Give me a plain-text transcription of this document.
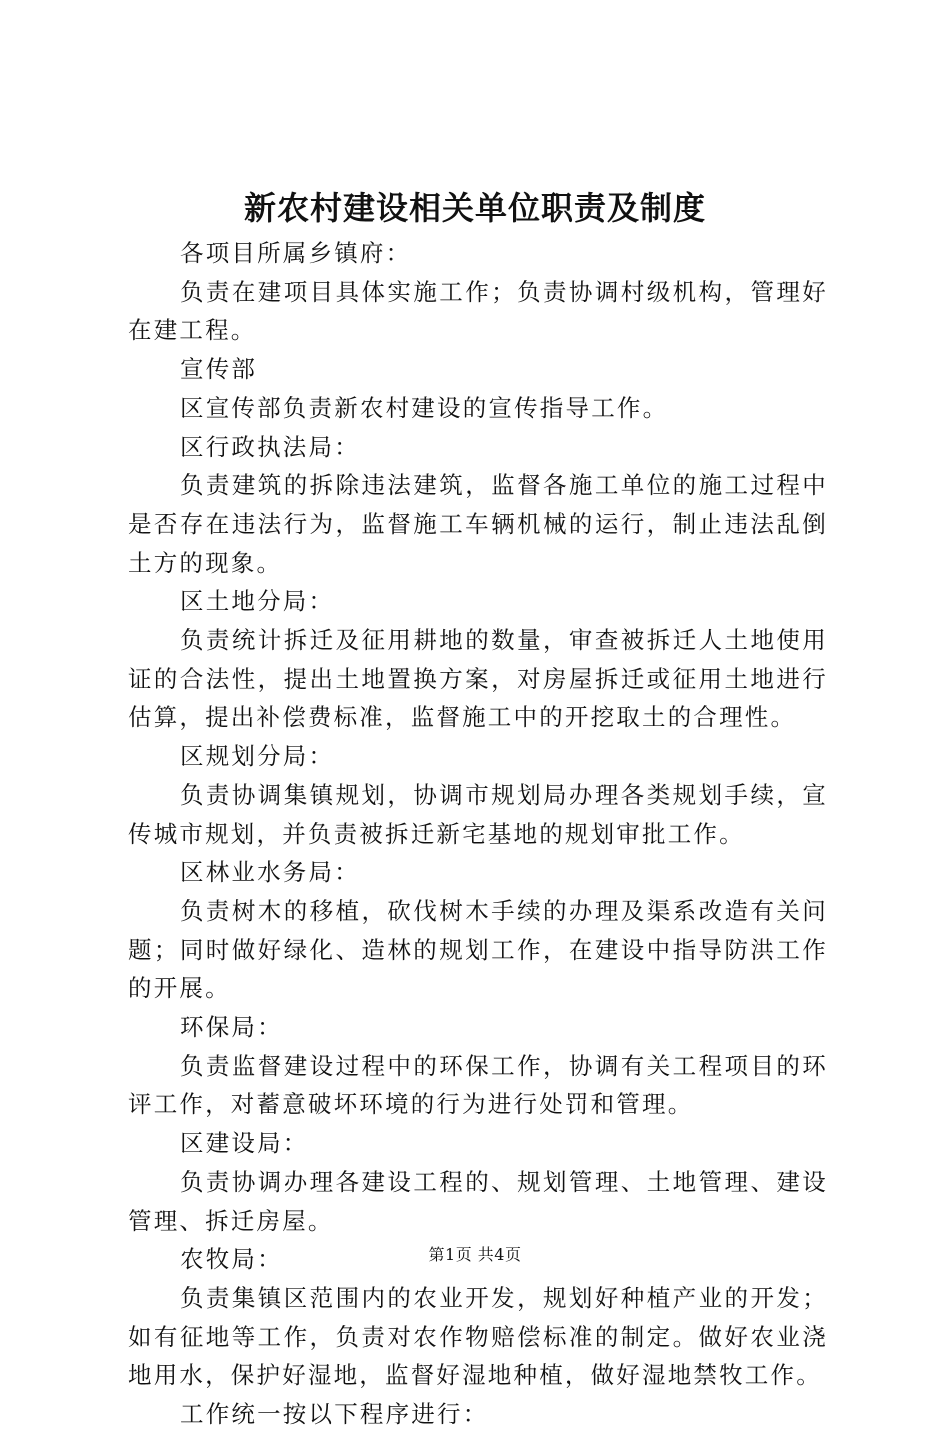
新农村建设相关单位职责及制度

各项目所属乡镇府：

负责在建项目具体实施工作；负责协调村级机构，管理好在建工程。

宣传部

区宣传部负责新农村建设的宣传指导工作。

区行政执法局：

负责建筑的拆除违法建筑，监督各施工单位的施工过程中是否存在违法行为，监督施工车辆机械的运行，制止违法乱倒土方的现象。

区土地分局：

负责统计拆迁及征用耕地的数量，审查被拆迁人土地使用证的合法性，提出土地置换方案，对房屋拆迁或征用土地进行估算，提出补偿费标准，监督施工中的开挖取土的合理性。

区规划分局：

负责协调集镇规划，协调市规划局办理各类规划手续，宣传城市规划，并负责被拆迁新宅基地的规划审批工作。

区林业水务局：

负责树木的移植，砍伐树木手续的办理及渠系改造有关问题；同时做好绿化、造林的规划工作，在建设中指导防洪工作的开展。

环保局：

负责监督建设过程中的环保工作，协调有关工程项目的环评工作，对蓄意破坏环境的行为进行处罚和管理。

区建设局：

负责协调办理各建设工程的、规划管理、土地管理、建设管理、拆迁房屋。

农牧局：

负责集镇区范围内的农业开发，规划好种植产业的开发；如有征地等工作，负责对农作物赔偿标准的制定。做好农业浇地用水，保护好湿地，监督好湿地种植，做好湿地禁牧工作。

工作统一按以下程序进行：

第1页 共4页
